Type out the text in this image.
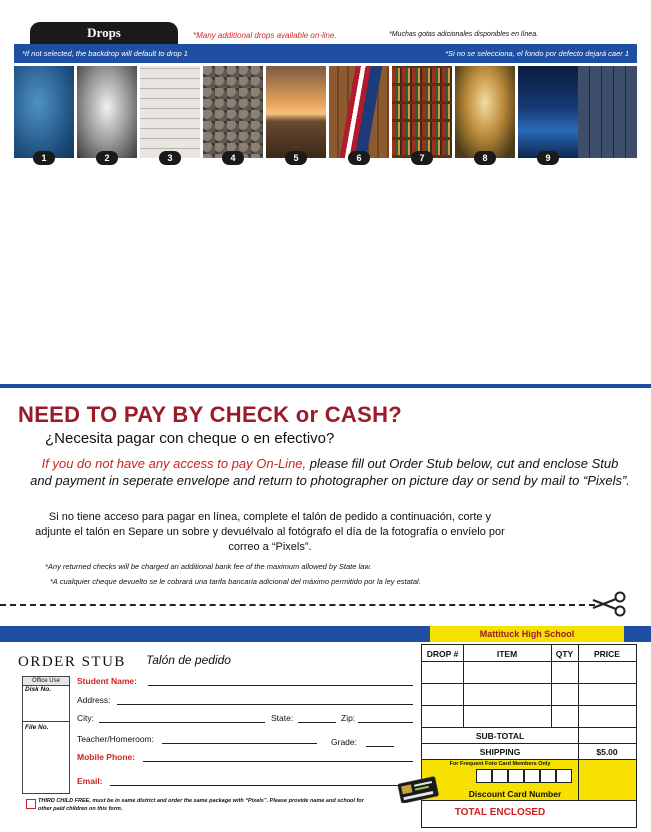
Drops	*Many additional drops available on-line.	*Muchas gotas adicionales disponibles en línea.
*If not selected, the backdrop will default to drop 1	*Si no se selecciona, el fondo por defecto dejará caer 1
1	2	3	4	5	6	7	8	9
NEED TO PAY BY CHECK or CASH?
¿Necesita pagar con cheque o en efectivo?
If you do not have any access to pay On-Line, please fill out Order Stub below, cut and enclose Stub and payment in seperate envelope and return to photographer on picture day or send by mail to “Pixels”.
Si no tiene acceso para pagar en línea, complete el talón de pedido a continuación, corte y adjunte el talón en Separe un sobre y devuélvalo al fotógrafo el día de la fotografía o envíelo por correo a “Pixels”.
*Any returned checks will be charged an additional bank fee of the maximum allowed by State law.
*A cualquier cheque devuelto se le cobrará una tarifa bancaria adicional del máximo permitido por la ley estatal.
Mattituck High School
ORDER STUB Talón de pedido
Office Use
Disk No.
File No.
Student Name:
Address:
City:	State:	Zip:
Teacher/Homeroom:	Grade:
Mobile Phone:
Email:
THIRD CHILD FREE, must be in same district and order the same package with “Pixels”. Please provide name and school for other paid children on this form.
DROP #	ITEM	QTY	PRICE
SUB-TOTAL
SHIPPING	$5.00
For Frequent Foto Card Members Only
Discount Card Number
TOTAL ENCLOSED
